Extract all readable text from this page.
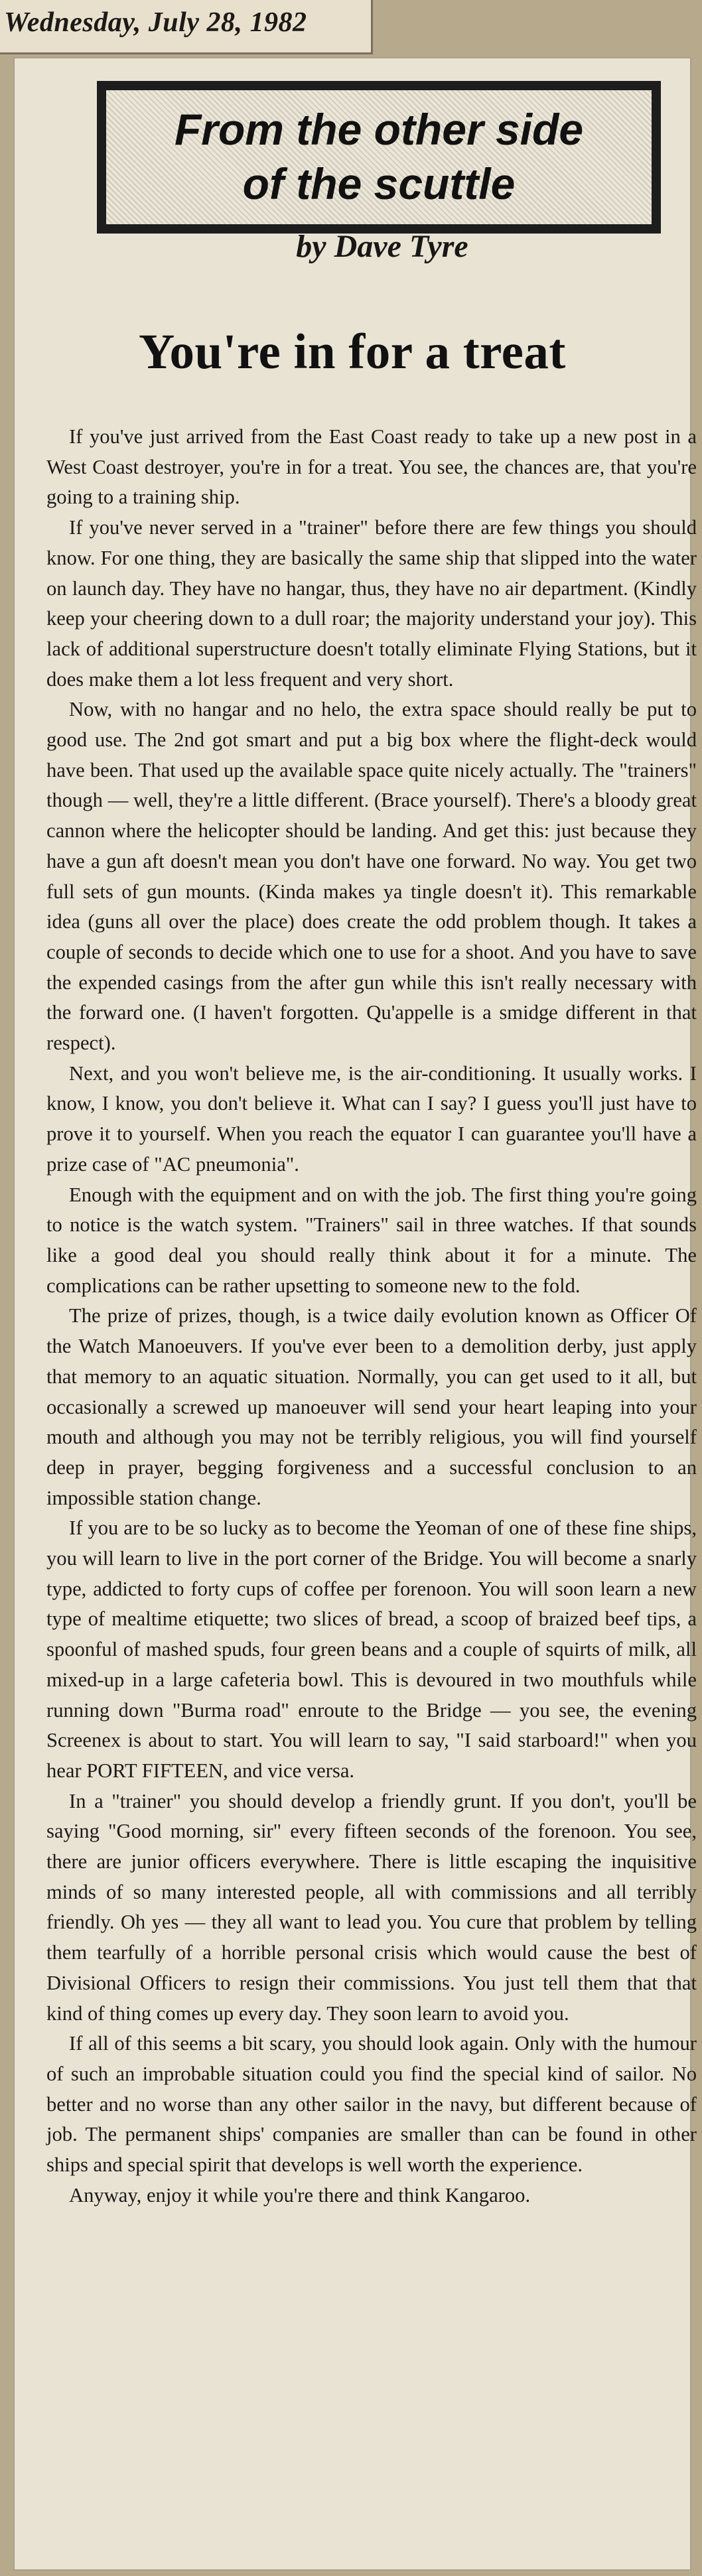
Wednesday, July 28, 1982
From the other side
of the scuttle
by Dave Tyre
You're in for a treat

If you've just arrived from the East Coast ready to take up a new post in a West Coast destroyer, you're in for a treat. You see, the chances are, that you're going to a training ship.

If you've never served in a "trainer" before there are few things you should know. For one thing, they are basically the same ship that slipped into the water on launch day. They have no hangar, thus, they have no air department. (Kindly keep your cheering down to a dull roar; the majority understand your joy). This lack of additional superstructure doesn't totally eliminate Flying Stations, but it does make them a lot less frequent and very short.

Now, with no hangar and no helo, the extra space should really be put to good use. The 2nd got smart and put a big box where the flight-deck would have been. That used up the available space quite nicely actually. The "trainers" though — well, they're a little different. (Brace yourself). There's a bloody great cannon where the helicopter should be landing. And get this: just because they have a gun aft doesn't mean you don't have one forward. No way. You get two full sets of gun mounts. (Kinda makes ya tingle doesn't it). This remarkable idea (guns all over the place) does create the odd problem though. It takes a couple of seconds to decide which one to use for a shoot. And you have to save the expended casings from the after gun while this isn't really necessary with the forward one. (I haven't forgotten. Qu'appelle is a smidge different in that respect).

Next, and you won't believe me, is the air-conditioning. It usually works. I know, I know, you don't believe it. What can I say? I guess you'll just have to prove it to yourself. When you reach the equator I can guarantee you'll have a prize case of "AC pneumonia".

Enough with the equipment and on with the job. The first thing you're going to notice is the watch system. "Trainers" sail in three watches. If that sounds like a good deal you should really think about it for a minute. The complications can be rather upsetting to someone new to the fold.

The prize of prizes, though, is a twice daily evolution known as Officer Of the Watch Manoeuvers. If you've ever been to a demolition derby, just apply that memory to an aquatic situation. Normally, you can get used to it all, but occasionally a screwed up manoeuver will send your heart leaping into your mouth and although you may not be terribly religious, you will find yourself deep in prayer, begging forgiveness and a successful conclusion to an impossible station change.

If you are to be so lucky as to become the Yeoman of one of these fine ships, you will learn to live in the port corner of the Bridge. You will become a snarly type, addicted to forty cups of coffee per forenoon. You will soon learn a new type of mealtime etiquette; two slices of bread, a scoop of braized beef tips, a spoonful of mashed spuds, four green beans and a couple of squirts of milk, all mixed-up in a large cafeteria bowl. This is devoured in two mouthfuls while running down "Burma road" enroute to the Bridge — you see, the evening Screenex is about to start. You will learn to say, "I said starboard!" when you hear PORT FIFTEEN, and vice versa.

In a "trainer" you should develop a friendly grunt. If you don't, you'll be saying "Good morning, sir" every fifteen seconds of the forenoon. You see, there are junior officers everywhere. There is little escaping the inquisitive minds of so many interested people, all with commissions and all terribly friendly. Oh yes — they all want to lead you. You cure that problem by telling them tearfully of a horrible personal crisis which would cause the best of Divisional Officers to resign their commissions. You just tell them that that kind of thing comes up every day. They soon learn to avoid you.

If all of this seems a bit scary, you should look again. Only with the humour of such an improbable situation could you find the special kind of sailor. No better and no worse than any other sailor in the navy, but different because of job. The permanent ships' companies are smaller than can be found in other ships and special spirit that develops is well worth the experience.

Anyway, enjoy it while you're there and think Kangaroo.
